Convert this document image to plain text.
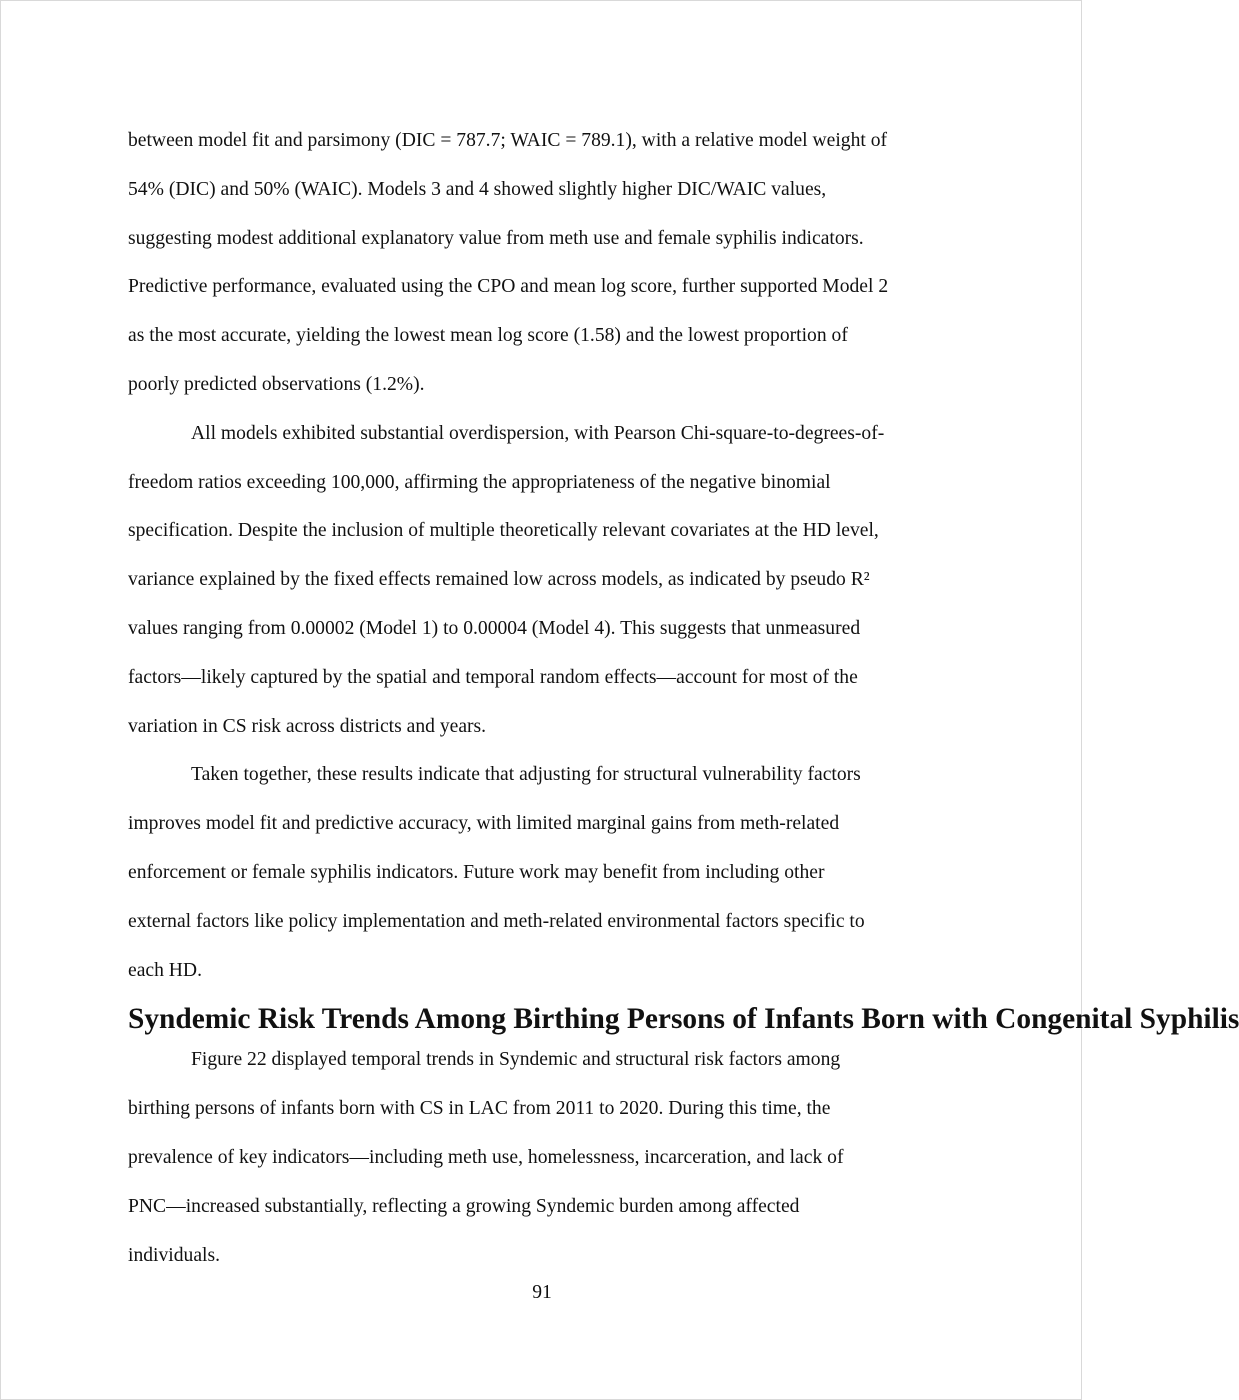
between model fit and parsimony (DIC = 787.7; WAIC = 789.1), with a relative model weight of
54% (DIC) and 50% (WAIC). Models 3 and 4 showed slightly higher DIC/WAIC values,
suggesting modest additional explanatory value from meth use and female syphilis indicators.
Predictive performance, evaluated using the CPO and mean log score, further supported Model 2
as the most accurate, yielding the lowest mean log score (1.58) and the lowest proportion of
poorly predicted observations (1.2%).

All models exhibited substantial overdispersion, with Pearson Chi-square-to-degrees-of-
freedom ratios exceeding 100,000, affirming the appropriateness of the negative binomial
specification. Despite the inclusion of multiple theoretically relevant covariates at the HD level,
variance explained by the fixed effects remained low across models, as indicated by pseudo R²
values ranging from 0.00002 (Model 1) to 0.00004 (Model 4). This suggests that unmeasured
factors—likely captured by the spatial and temporal random effects—account for most of the
variation in CS risk across districts and years.

Taken together, these results indicate that adjusting for structural vulnerability factors
improves model fit and predictive accuracy, with limited marginal gains from meth-related
enforcement or female syphilis indicators. Future work may benefit from including other
external factors like policy implementation and meth-related environmental factors specific to
each HD.

Syndemic Risk Trends Among Birthing Persons of Infants Born with Congenital Syphilis

Figure 22 displayed temporal trends in Syndemic and structural risk factors among
birthing persons of infants born with CS in LAC from 2011 to 2020. During this time, the
prevalence of key indicators—including meth use, homelessness, incarceration, and lack of
PNC—increased substantially, reflecting a growing Syndemic burden among affected
individuals.

91
